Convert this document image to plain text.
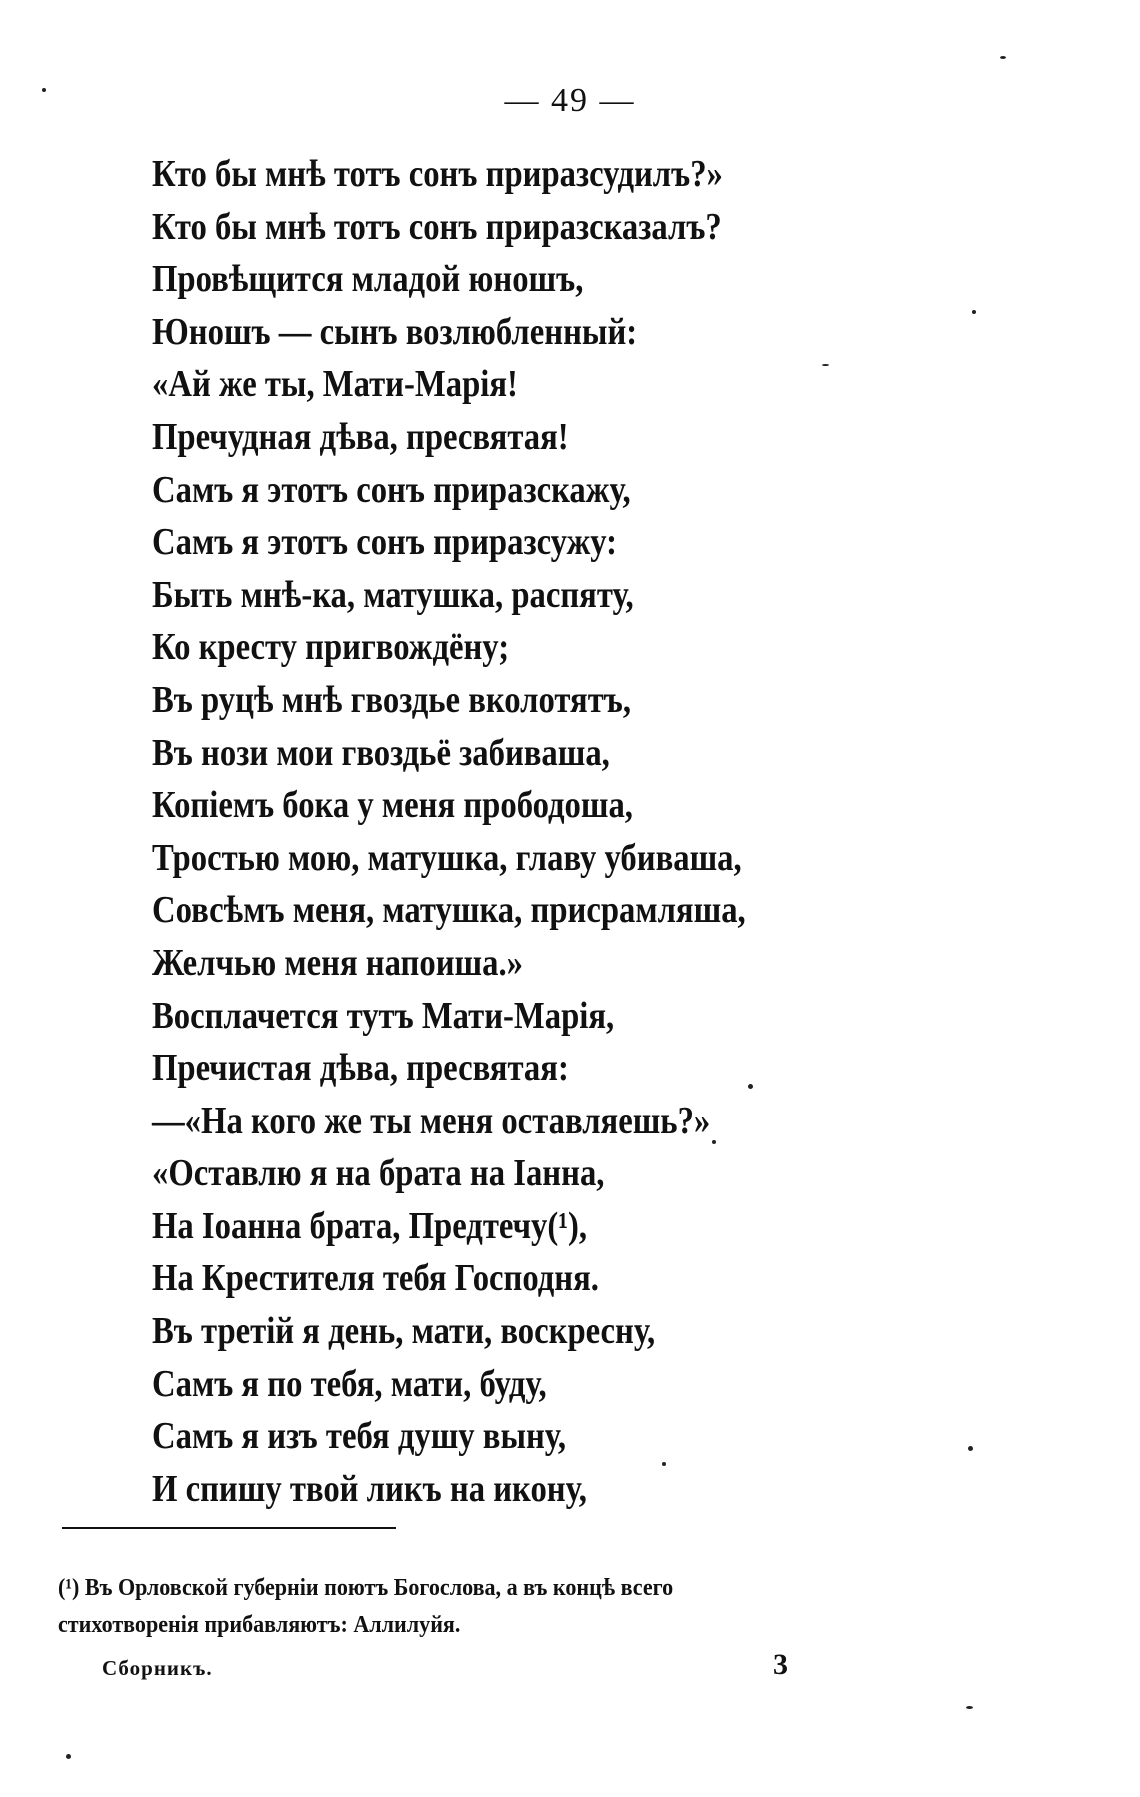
— 49 —
Кто бы мнѣ тотъ сонъ приразсудилъ?»
Кто бы мнѣ тотъ сонъ приразсказалъ?
Провѣщится младой юношъ,
Юношъ — сынъ возлюбленный:
«Ай же ты, Мати-Марія!
Пречудная дѣва, пресвятая!
Самъ я этотъ сонъ приразскажу,
Самъ я этотъ сонъ приразсужу:
Быть мнѣ-ка, матушка, распяту,
Ко кресту пригвождёну;
Въ руцѣ мнѣ гвоздье вколотятъ,
Въ нози мои гвоздьё забиваша,
Копіемъ бока у меня прободоша,
Тростью мою, матушка, главу убиваша,
Совсѣмъ меня, матушка, присрамляша,
Желчью меня напоиша.»
Восплачется тутъ Мати-Марія,
Пречистая дѣва, пресвятая:
—«На кого же ты меня оставляешь?»
«Оставлю я на брата на Іанна,
На Іоанна брата, Предтечу(¹),
На Крестителя тебя Господня.
Въ третій я день, мати, воскресну,
Самъ я по тебя, мати, буду,
Самъ я изъ тебя душу выну,
И спишу твой ликъ на икону,
(¹) Въ Орловской губерніи поютъ Богослова, а въ концѣ всего
стихотворенія прибавляютъ: Аллилуйя.
Сборникъ.	3
